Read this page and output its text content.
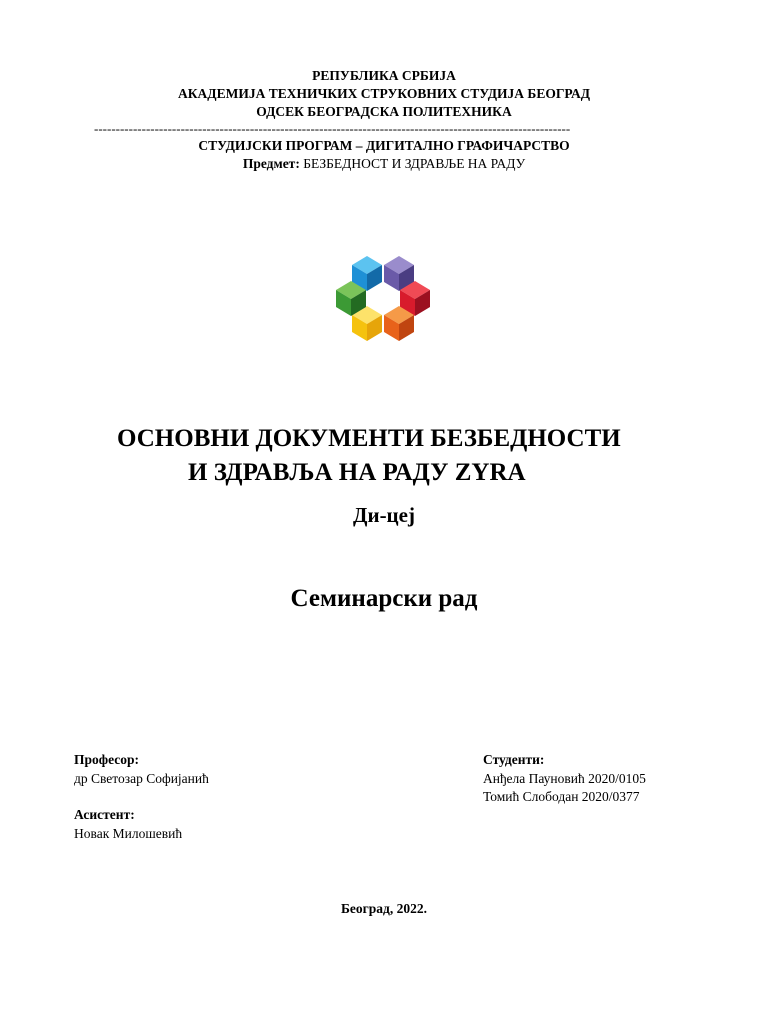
РЕПУБЛИКА СРБИЈА
АКАДЕМИЈА ТЕХНИЧКИХ СТРУКОВНИХ СТУДИЈА БЕОГРАД
ОДСЕК БЕОГРАДСКА ПОЛИТЕХНИКА
--------------------------------------------------------------------------------------------------------------
СТУДИЈСКИ ПРОГРАМ – ДИГИТАЛНО ГРАФИЧАРСТВО
Предмет: БЕЗБЕДНОСТ И ЗДРАВЉЕ НА РАДУ
ОСНОВНИ ДОКУМЕНТИ БЕЗБЕДНОСТИ
И ЗДРАВЉА НА РАДУ ZYRA
Ди-цеј
Семинарски рад
Професор:
др Светозар Софијанић
Асистент:
Новак Милошевић
Студенти:
Анђела Пауновић 2020/0105
Томић Слободан 2020/0377
Београд, 2022.
